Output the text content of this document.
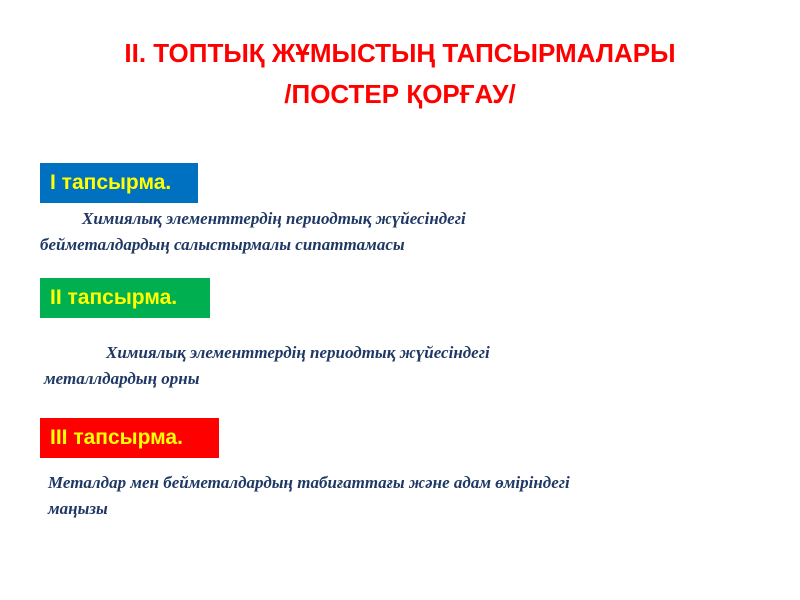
II. ТОПТЫҚ ЖҰМЫСТЫҢ ТАПСЫРМАЛАРЫ
/ПОСТЕР ҚОРҒАУ/
І тапсырма.
Химиялық элементтердің периодтық жүйесіндегі
бейметалдардың салыстырмалы сипаттамасы
ІІ тапсырма.
Химиялық элементтердің периодтық жүйесіндегі
металлдардың орны
ІІІ тапсырма.
Металдар мен бейметалдардың табиғаттағы және адам өміріндегі
маңызы
